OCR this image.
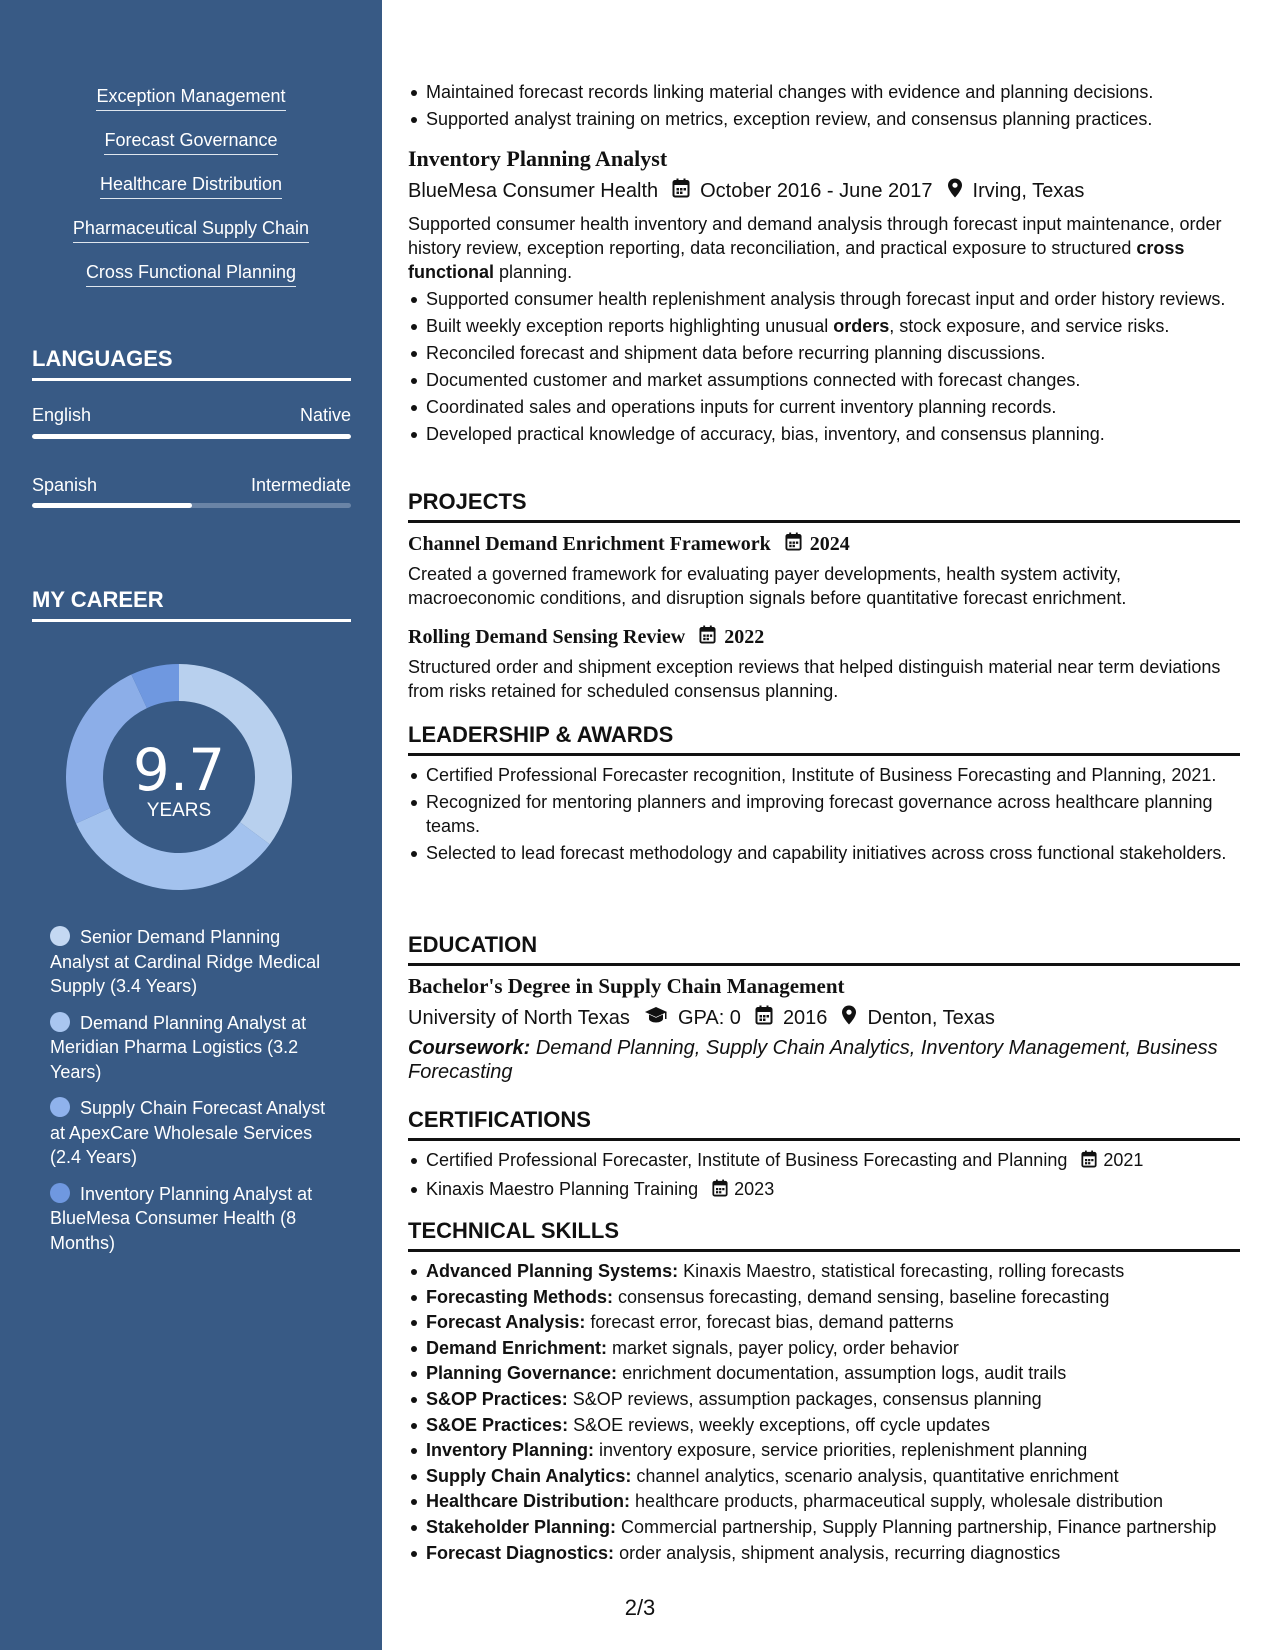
Exception Management
Forecast Governance
Healthcare Distribution
Pharmaceutical Supply Chain
Cross Functional Planning
LANGUAGES
English	Native
Spanish	Intermediate
MY CAREER
9.7
YEARS
Senior Demand Planning Analyst at Cardinal Ridge Medical Supply (3.4 Years)
Demand Planning Analyst at Meridian Pharma Logistics (3.2 Years)
Supply Chain Forecast Analyst at ApexCare Wholesale Services (2.4 Years)
Inventory Planning Analyst at BlueMesa Consumer Health (8 Months)
Maintained forecast records linking material changes with evidence and planning decisions.
Supported analyst training on metrics, exception review, and consensus planning practices.
Inventory Planning Analyst
BlueMesa Consumer Health October 2016 - June 2017 Irving, Texas

Supported consumer health inventory and demand analysis through forecast input maintenance, order history review, exception reporting, data reconciliation, and practical exposure to structured cross functional planning.

Supported consumer health replenishment analysis through forecast input and order history reviews.
Built weekly exception reports highlighting unusual orders, stock exposure, and service risks.
Reconciled forecast and shipment data before recurring planning discussions.
Documented customer and market assumptions connected with forecast changes.
Coordinated sales and operations inputs for current inventory planning records.
Developed practical knowledge of accuracy, bias, inventory, and consensus planning.
PROJECTS
Channel Demand Enrichment Framework 2024

Created a governed framework for evaluating payer developments, health system activity, macroeconomic conditions, and disruption signals before quantitative forecast enrichment.

Rolling Demand Sensing Review 2022

Structured order and shipment exception reviews that helped distinguish material near term deviations from risks retained for scheduled consensus planning.

LEADERSHIP & AWARDS
Certified Professional Forecaster recognition, Institute of Business Forecasting and Planning, 2021.
Recognized for mentoring planners and improving forecast governance across healthcare planning teams.
Selected to lead forecast methodology and capability initiatives across cross functional stakeholders.
EDUCATION
Bachelor's Degree in Supply Chain Management
University of North Texas GPA: 0 2016 Denton, Texas

Coursework: Demand Planning, Supply Chain Analytics, Inventory Management, Business Forecasting

CERTIFICATIONS
Certified Professional Forecaster, Institute of Business Forecasting and Planning 2021
Kinaxis Maestro Planning Training 2023
TECHNICAL SKILLS
Advanced Planning Systems: Kinaxis Maestro, statistical forecasting, rolling forecasts
Forecasting Methods: consensus forecasting, demand sensing, baseline forecasting
Forecast Analysis: forecast error, forecast bias, demand patterns
Demand Enrichment: market signals, payer policy, order behavior
Planning Governance: enrichment documentation, assumption logs, audit trails
S&OP Practices: S&OP reviews, assumption packages, consensus planning
S&OE Practices: S&OE reviews, weekly exceptions, off cycle updates
Inventory Planning: inventory exposure, service priorities, replenishment planning
Supply Chain Analytics: channel analytics, scenario analysis, quantitative enrichment
Healthcare Distribution: healthcare products, pharmaceutical supply, wholesale distribution
Stakeholder Planning: Commercial partnership, Supply Planning partnership, Finance partnership
Forecast Diagnostics: order analysis, shipment analysis, recurring diagnostics
2/3
